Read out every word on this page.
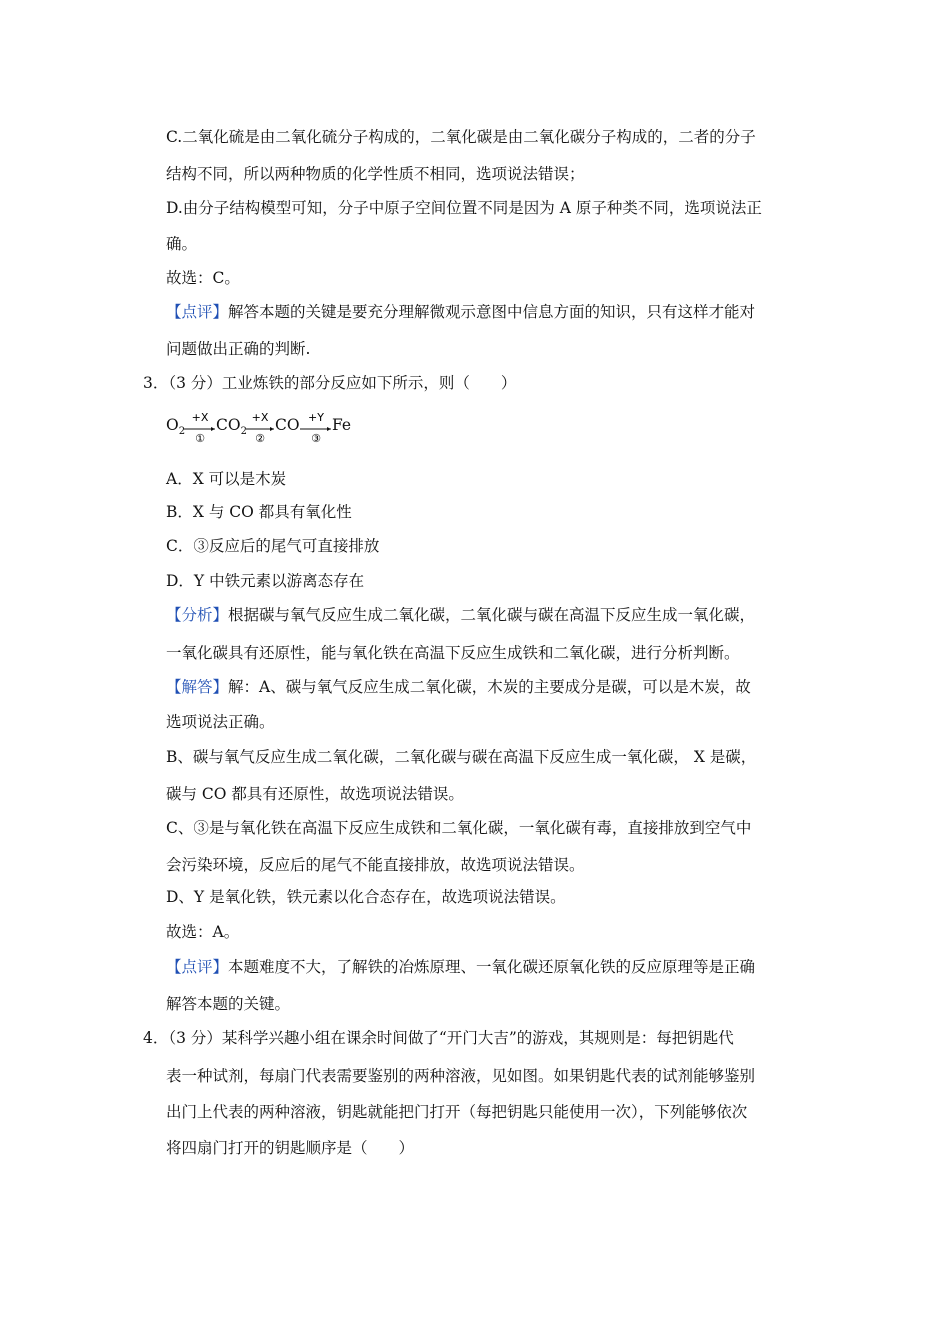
C.二氧化硫是由二氧化硫分子构成的，二氧化碳是由二氧化碳分子构成的，二者的分子
结构不同，所以两种物质的化学性质不相同，选项说法错误；
D.由分子结构模型可知，分子中原子空间位置不同是因为 A 原子种类不同，选项说法正
确。
故选：C。
【点评】解答本题的关键是要充分理解微观示意图中信息方面的知识，只有这样才能对
问题做出正确的判断.
3．（3 分）工业炼铁的部分反应如下所示，则（　　）
$O_2$ $CO_2$ CO Fe
+X
①
+X
②
+Y
③
A．X 可以是木炭
B．X 与 CO 都具有氧化性
C．③反应后的尾气可直接排放
D．Y 中铁元素以游离态存在
【分析】根据碳与氧气反应生成二氧化碳，二氧化碳与碳在高温下反应生成一氧化碳，
一氧化碳具有还原性，能与氧化铁在高温下反应生成铁和二氧化碳，进行分析判断。
【解答】解：A、碳与氧气反应生成二氧化碳，木炭的主要成分是碳，可以是木炭，故
选项说法正确。
B、碳与氧气反应生成二氧化碳，二氧化碳与碳在高温下反应生成一氧化碳， X 是碳，
碳与 CO 都具有还原性，故选项说法错误。
C、③是与氧化铁在高温下反应生成铁和二氧化碳，一氧化碳有毒，直接排放到空气中
会污染环境，反应后的尾气不能直接排放，故选项说法错误。
D、Y 是氧化铁，铁元素以化合态存在，故选项说法错误。
故选：A。
【点评】本题难度不大，了解铁的冶炼原理、一氧化碳还原氧化铁的反应原理等是正确
解答本题的关键。
4．（3 分）某科学兴趣小组在课余时间做了“开门大吉”的游戏，其规则是：每把钥匙代
表一种试剂，每扇门代表需要鉴别的两种溶液，见如图。如果钥匙代表的试剂能够鉴别
出门上代表的两种溶液，钥匙就能把门打开（每把钥匙只能使用一次），下列能够依次
将四扇门打开的钥匙顺序是（　　）
